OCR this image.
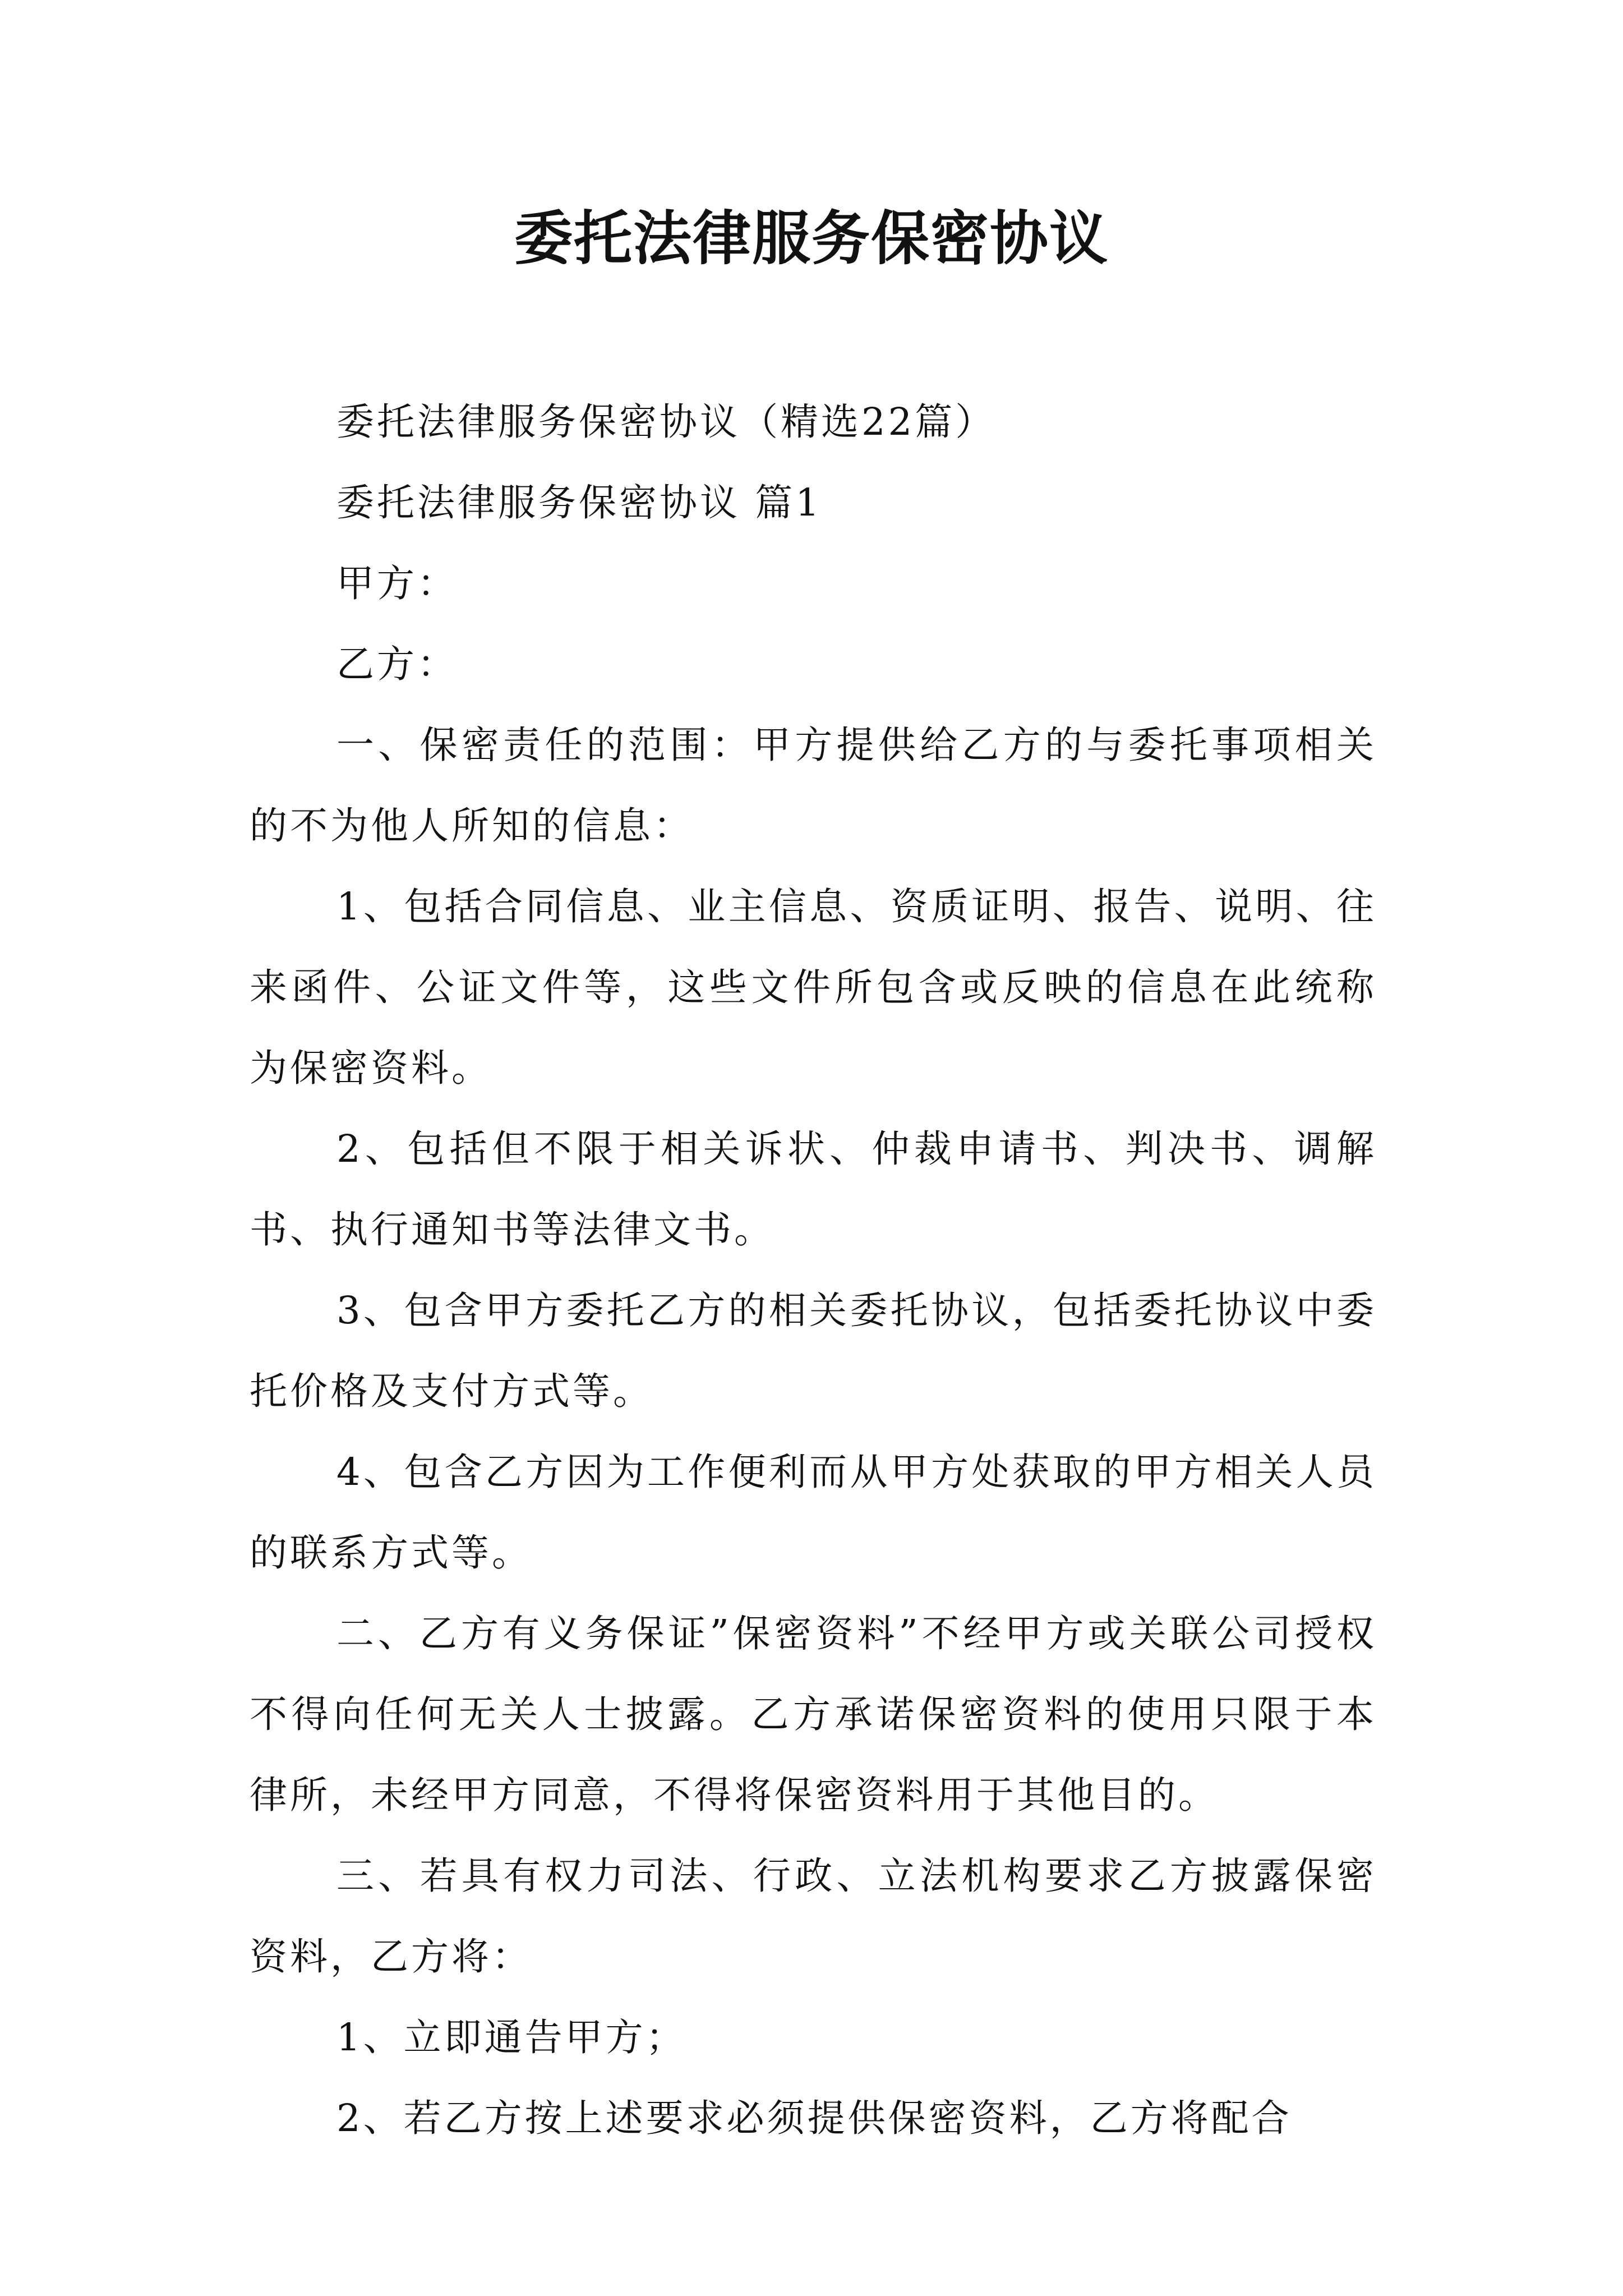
委托法律服务保密协议

委托法律服务保密协议（精选22篇）

委托法律服务保密协议 篇1

甲方：

乙方：

一、保密责任的范围：甲方提供给乙方的与委托事项相关的不为他人所知的信息：

1、包括合同信息、业主信息、资质证明、报告、说明、往来函件、公证文件等，这些文件所包含或反映的信息在此统称为保密资料。

2、包括但不限于相关诉状、仲裁申请书、判决书、调解书、执行通知书等法律文书。

3、包含甲方委托乙方的相关委托协议，包括委托协议中委托价格及支付方式等。

4、包含乙方因为工作便利而从甲方处获取的甲方相关人员的联系方式等。

二、乙方有义务保证”保密资料”不经甲方或关联公司授权不得向任何无关人士披露。乙方承诺保密资料的使用只限于本律所，未经甲方同意，不得将保密资料用于其他目的。

三、若具有权力司法、行政、立法机构要求乙方披露保密资料，乙方将：

1、立即通告甲方；

2、若乙方按上述要求必须提供保密资料，乙方将配合
